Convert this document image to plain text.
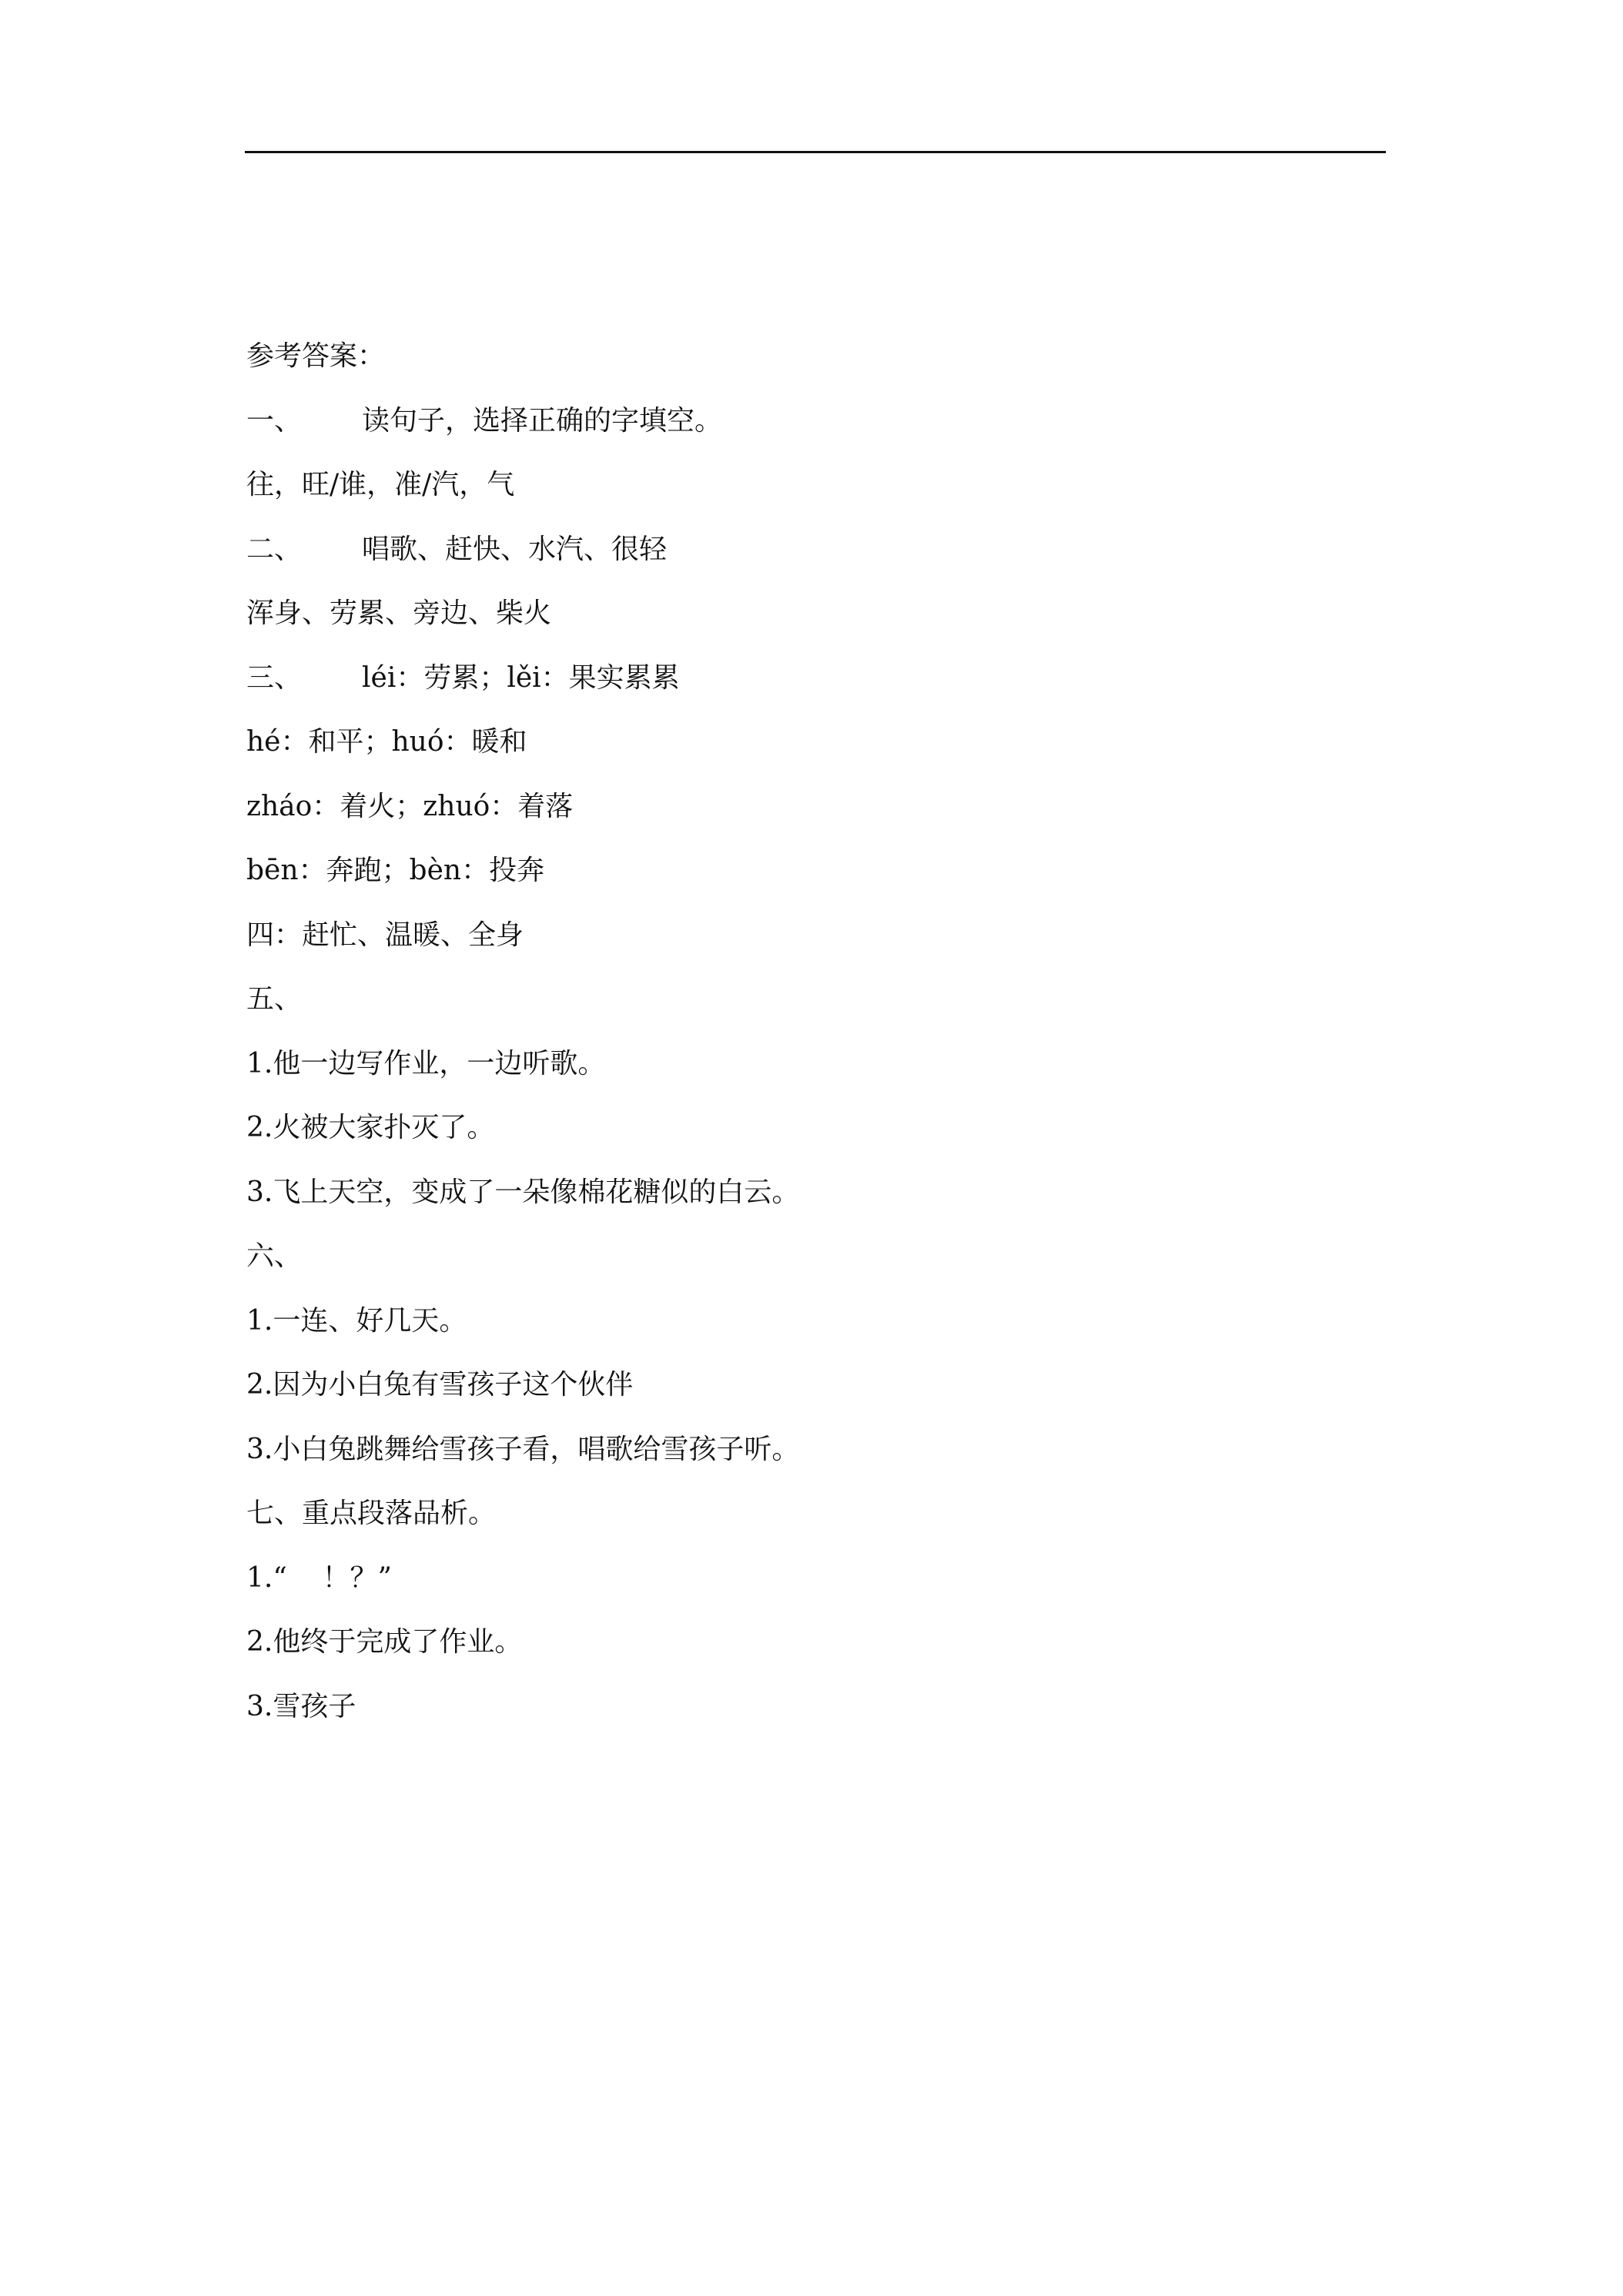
参考答案：
一、 读句子，选择正确的字填空。
往，旺/谁，准/汽，气
二、 唱歌、赶快、水汽、很轻
浑身、劳累、旁边、柴火
三、 léi：劳累；lěi：果实累累
hé：和平；huó：暖和
zháo：着火；zhuó：着落
bēn：奔跑；bèn：投奔
四：赶忙、温暖、全身
五、
1.他一边写作业，一边听歌。
2.火被大家扑灭了。
3.飞上天空，变成了一朵像棉花糖似的白云。
六、
1.一连、好几天。
2.因为小白兔有雪孩子这个伙伴
3.小白兔跳舞给雪孩子看，唱歌给雪孩子听。
七、重点段落品析。
1.“    ！？”
2.他终于完成了作业。
3.雪孩子
